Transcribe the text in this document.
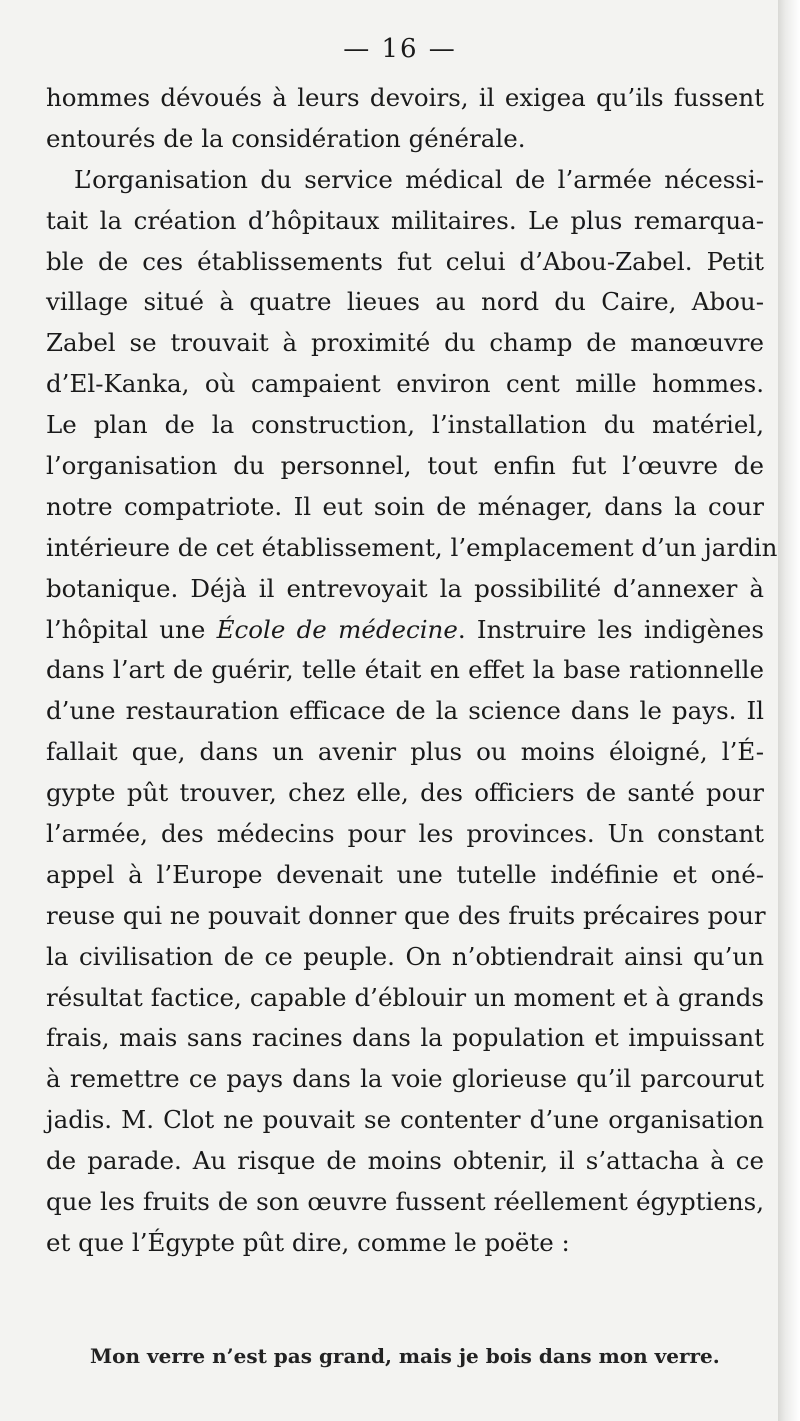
— 16 —
hommes dévoués à leurs devoirs, il exigea qu’ils fussent
entourés de la considération générale.
L’organisation du service médical de l’armée nécessi-
tait la création d’hôpitaux militaires. Le plus remarqua-
ble de ces établissements fut celui d’Abou-Zabel. Petit
village situé à quatre lieues au nord du Caire, Abou-
Zabel se trouvait à proximité du champ de manœuvre
d’El-Kanka, où campaient environ cent mille hommes.
Le plan de la construction, l’installation du matériel,
l’organisation du personnel, tout enfin fut l’œuvre de
notre compatriote. Il eut soin de ménager, dans la cour
intérieure de cet établissement, l’emplacement d’un jardin
botanique. Déjà il entrevoyait la possibilité d’annexer à
l’hôpital une École de médecine. Instruire les indigènes
dans l’art de guérir, telle était en effet la base rationnelle
d’une restauration efficace de la science dans le pays. Il
fallait que, dans un avenir plus ou moins éloigné, l’É-
gypte pût trouver, chez elle, des officiers de santé pour
l’armée, des médecins pour les provinces. Un constant
appel à l’Europe devenait une tutelle indéfinie et oné-
reuse qui ne pouvait donner que des fruits précaires pour
la civilisation de ce peuple. On n’obtiendrait ainsi qu’un
résultat factice, capable d’éblouir un moment et à grands
frais, mais sans racines dans la population et impuissant
à remettre ce pays dans la voie glorieuse qu’il parcourut
jadis. M. Clot ne pouvait se contenter d’une organisation
de parade. Au risque de moins obtenir, il s’attacha à ce
que les fruits de son œuvre fussent réellement égyptiens,
et que l’Égypte pût dire, comme le poëte :
Mon verre n’est pas grand, mais je bois dans mon verre.
